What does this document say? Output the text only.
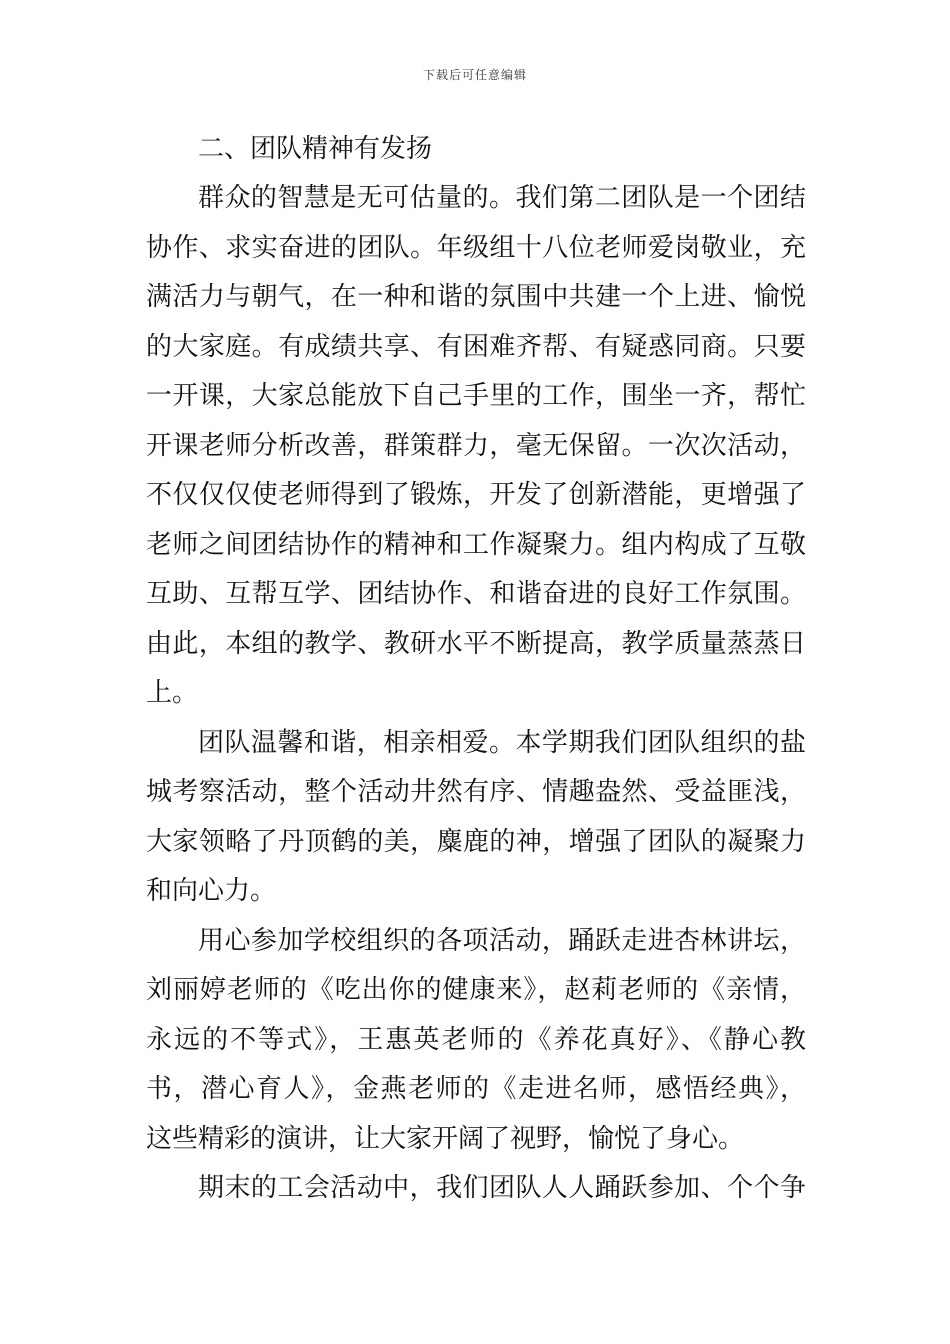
下载后可任意编辑
二、团队精神有发扬

群众的智慧是无可估量的。我们第二团队是一个团结
协作、求实奋进的团队。年级组十八位老师爱岗敬业，充
满活力与朝气，在一种和谐的氛围中共建一个上进、愉悦
的大家庭。有成绩共享、有困难齐帮、有疑惑同商。只要
一开课，大家总能放下自己手里的工作，围坐一齐，帮忙
开课老师分析改善，群策群力，毫无保留。一次次活动，
不仅仅仅使老师得到了锻炼，开发了创新潜能，更增强了
老师之间团结协作的精神和工作凝聚力。组内构成了互敬
互助、互帮互学、团结协作、和谐奋进的良好工作氛围。
由此，本组的教学、教研水平不断提高，教学质量蒸蒸日
上。

团队温馨和谐，相亲相爱。本学期我们团队组织的盐
城考察活动，整个活动井然有序、情趣盎然、受益匪浅，
大家领略了丹顶鹤的美，麋鹿的神，增强了团队的凝聚力
和向心力。

用心参加学校组织的各项活动，踊跃走进杏林讲坛，
刘丽婷老师的《吃出你的健康来》，赵莉老师的《亲情，
永远的不等式》，王惠英老师的《养花真好》、《静心教
书，潜心育人》，金燕老师的《走进名师，感悟经典》，
这些精彩的演讲，让大家开阔了视野，愉悦了身心。

期末的工会活动中，我们团队人人踊跃参加、个个争
